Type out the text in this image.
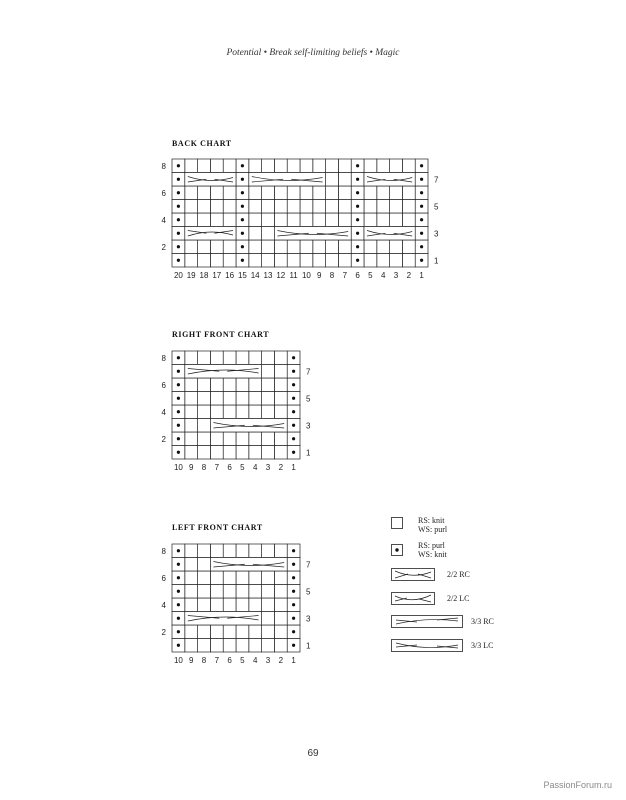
Potential • Break self-limiting beliefs • Magic
BACK CHART
20 19 18 17 16 15 14 13 12 11 10 9 8 7 6 5 4 3 2 1
8
6
4
2
7
5
3
1
RIGHT FRONT CHART
10 9 8 7 6 5 4 3 2 1
8
6
4
2
7
5
3
1
LEFT FRONT CHART
10 9 8 7 6 5 4 3 2 1
8
6
4
2
7
5
3
1
RS: knit
WS: purl
RS: purl
WS: knit
2/2 RC
2/2 LC
3/3 RC
3/3 LC
69
PassionForum.ru
